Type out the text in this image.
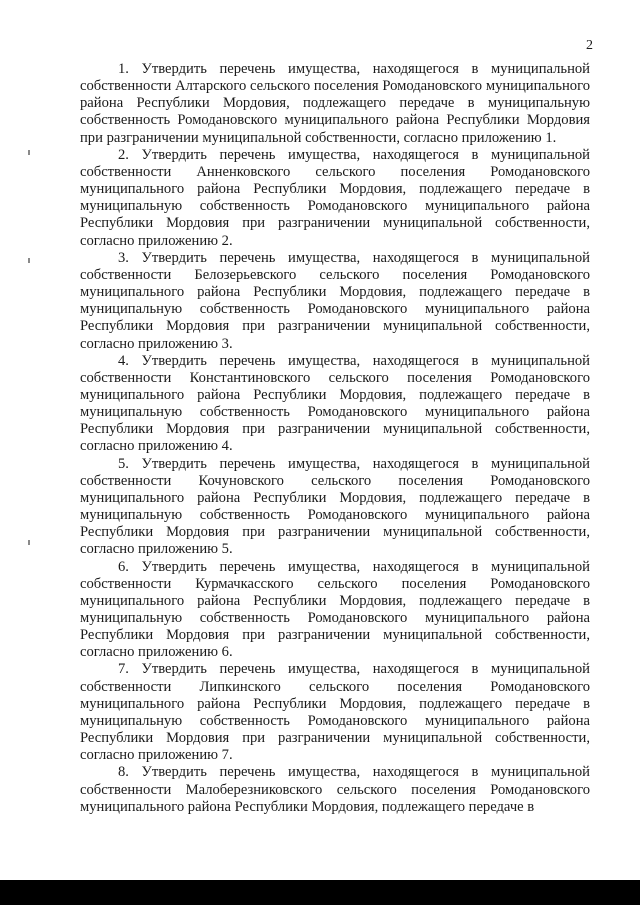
2

1. Утвердить перечень имущества, находящегося в муниципальной собственности Алтарского сельского поселения Ромодановского муниципального района Республики Мордовия, подлежащего передаче в муниципальную собственность Ромодановского муниципального района Республики Мордовия при разграничении муниципальной собственности, согласно приложению 1.

2. Утвердить перечень имущества, находящегося в муниципальной собственности Анненковского сельского поселения Ромодановского муниципального района Республики Мордовия, подлежащего передаче в муниципальную собственность Ромодановского муниципального района Республики Мордовия при разграничении муниципальной собственности, согласно приложению 2.

3. Утвердить перечень имущества, находящегося в муниципальной собственности Белозерьевского сельского поселения Ромодановского муниципального района Республики Мордовия, подлежащего передаче в муниципальную собственность Ромодановского муниципального района Республики Мордовия при разграничении муниципальной собственности, согласно приложению 3.

4. Утвердить перечень имущества, находящегося в муниципальной собственности Константиновского сельского поселения Ромодановского муниципального района Республики Мордовия, подлежащего передаче в муниципальную собственность Ромодановского муниципального района Республики Мордовия при разграничении муниципальной собственности, согласно приложению 4.

5. Утвердить перечень имущества, находящегося в муниципальной собственности Кочуновского сельского поселения Ромодановского муниципального района Республики Мордовия, подлежащего передаче в муниципальную собственность Ромодановского муниципального района Республики Мордовия при разграничении муниципальной собственности, согласно приложению 5.

6. Утвердить перечень имущества, находящегося в муниципальной собственности Курмачкасского сельского поселения Ромодановского муниципального района Республики Мордовия, подлежащего передаче в муниципальную собственность Ромодановского муниципального района Республики Мордовия при разграничении муниципальной собственности, согласно приложению 6.

7. Утвердить перечень имущества, находящегося в муниципальной собственности Липкинского сельского поселения Ромодановского муниципального района Республики Мордовия, подлежащего передаче в муниципальную собственность Ромодановского муниципального района Республики Мордовия при разграничении муниципальной собственности, согласно приложению 7.

8. Утвердить перечень имущества, находящегося в муниципальной собственности Малоберезниковского сельского поселения Ромодановского муниципального района Республики Мордовия, подлежащего передаче в
